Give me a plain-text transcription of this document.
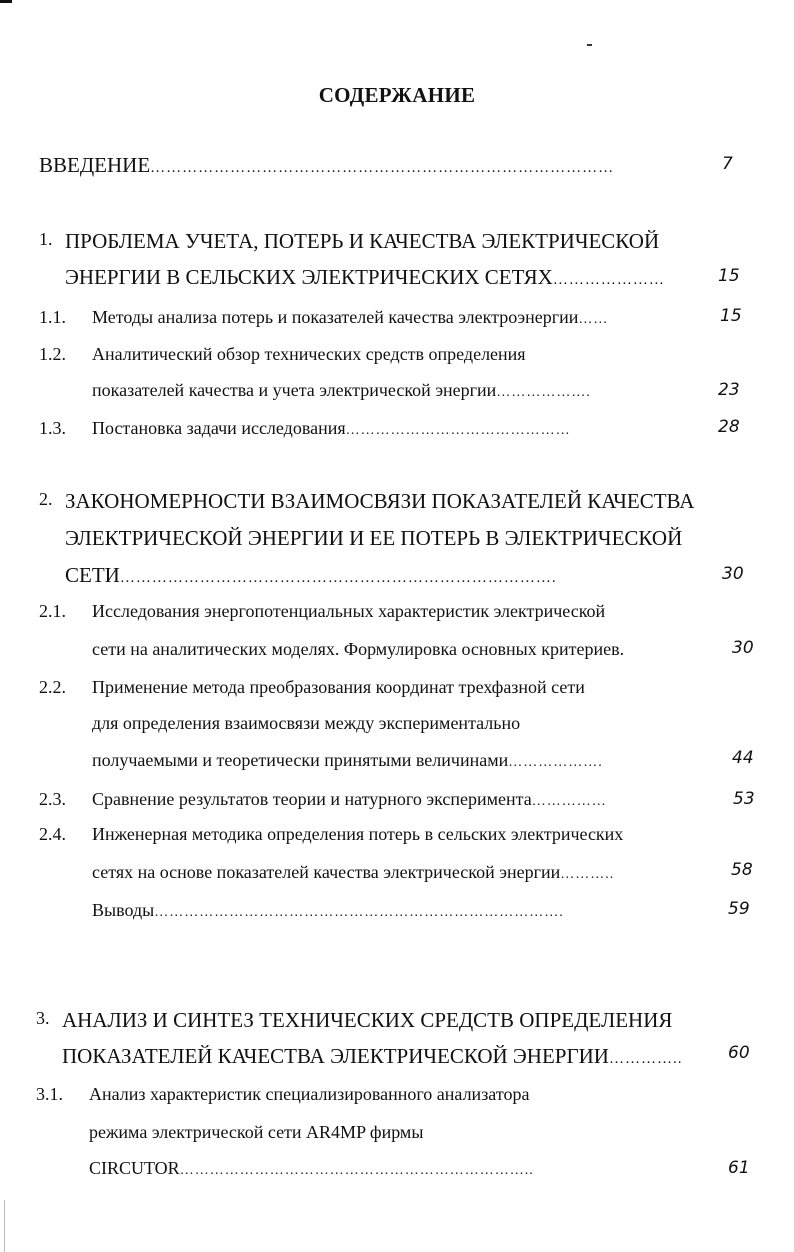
СОДЕРЖАНИЕ
ВВЕДЕНИЕ……………………………………………………………………………	7
1. ПРОБЛЕМА УЧЕТА, ПОТЕРЬ И КАЧЕСТВА ЭЛЕКТРИЧЕСКОЙ
ЭНЕРГИИ В СЕЛЬСКИХ ЭЛЕКТРИЧЕСКИХ СЕТЯХ…………………	15
1.1. Методы анализа потерь и показателей качества электроэнергии……	15
1.2. Аналитический обзор технических средств определения
показателей качества и учета электрической энергии……………….	23
1.3. Постановка задачи исследования………………………………………	28
2. ЗАКОНОМЕРНОСТИ ВЗАИМОСВЯЗИ ПОКАЗАТЕЛЕЙ КАЧЕСТВА
ЭЛЕКТРИЧЕСКОЙ ЭНЕРГИИ И ЕЕ ПОТЕРЬ В ЭЛЕКТРИЧЕСКОЙ
СЕТИ……………………………………………………………………….	30
2.1. Исследования энергопотенциальных характеристик электрической
сети на аналитических моделях. Формулировка основных критериев.	30
2.2. Применение метода преобразования координат трехфазной сети
для определения взаимосвязи между экспериментально
получаемыми и теоретически принятыми величинами……………….	44
2.3. Сравнение результатов теории и натурного эксперимента……………	53
2.4. Инженерная методика определения потерь в сельских электрических
сетях на основе показателей качества электрической энергии………..	58
Выводы……………………………………………………………………….	59
3. АНАЛИЗ И СИНТЕЗ ТЕХНИЧЕСКИХ СРЕДСТВ ОПРЕДЕЛЕНИЯ
ПОКАЗАТЕЛЕЙ КАЧЕСТВА ЭЛЕКТРИЧЕСКОЙ ЭНЕРГИИ…………..	60
3.1. Анализ характеристик специализированного анализатора
режима электрической сети AR4MP фирмы
CIRCUTOR……………………………………………………………..	61
